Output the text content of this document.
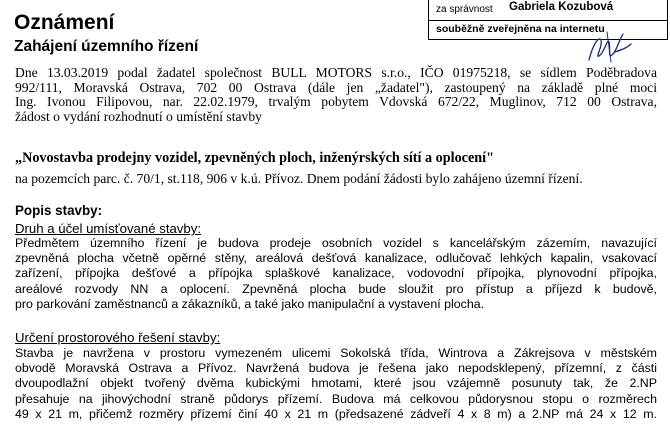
Oznámení
Zahájení územního řízení
za správnost Gabriela Kozubová
souběžně zveřejněna na internetu
Dne 13.03.2019 podal žadatel společnost BULL MOTORS s.r.o., IČO 01975218, se sídlem Poděbradova
992/111, Moravská Ostrava, 702 00 Ostrava (dále jen „žadatel"), zastoupený na základě plné moci
Ing. Ivonou Filipovou, nar. 22.02.1979, trvalým pobytem Vdovská 672/22, Muglinov, 712 00 Ostrava,
žádost o vydání rozhodnutí o umístění stavby

„Novostavba prodejny vozidel, zpevněných ploch, inženýrských sítí a oplocení"

na pozemcích parc. č. 70/1, st.118, 906 v k.ú. Přívoz. Dnem podání žádosti bylo zahájeno územní řízení.

Popis stavby:

Druh a účel umísťované stavby:

Předmětem územního řízení je budova prodeje osobních vozidel s kancelářským zázemím, navazující
zpevněná plocha včetně opěrné stěny, areálová dešťová kanalizace, odlučovač lehkých kapalin, vsakovací
zařízení, přípojka dešťové a přípojka splaškové kanalizace, vodovodní přípojka, plynovodní přípojka,
areálové rozvody NN a oplocení. Zpevněná plocha bude sloužit pro přístup a příjezd k budově,
pro parkování zaměstnanců a zákazníků, a také jako manipulační a vystavení plocha.

Určení prostorového řešení stavby:

Stavba je navržena v prostoru vymezeném ulicemi Sokolská třída, Wintrova a Zákrejsova v městském
obvodě Moravská Ostrava a Přívoz. Navržená budova je řešena jako nepodsklepený, přízemní, z části
dvoupodlažní objekt tvořený dvěma kubickými hmotami, které jsou vzájemně posunuty tak, že 2.NP
přesahuje na jihovýchodní straně půdorys přízemí. Budova má celkovou půdorysnou stopu o rozměrech
49 x 21 m, přičemž rozměry přízemí činí 40 x 21 m (předsazené zádveří 4 x 8 m) a 2.NP má 24 x 12 m.
